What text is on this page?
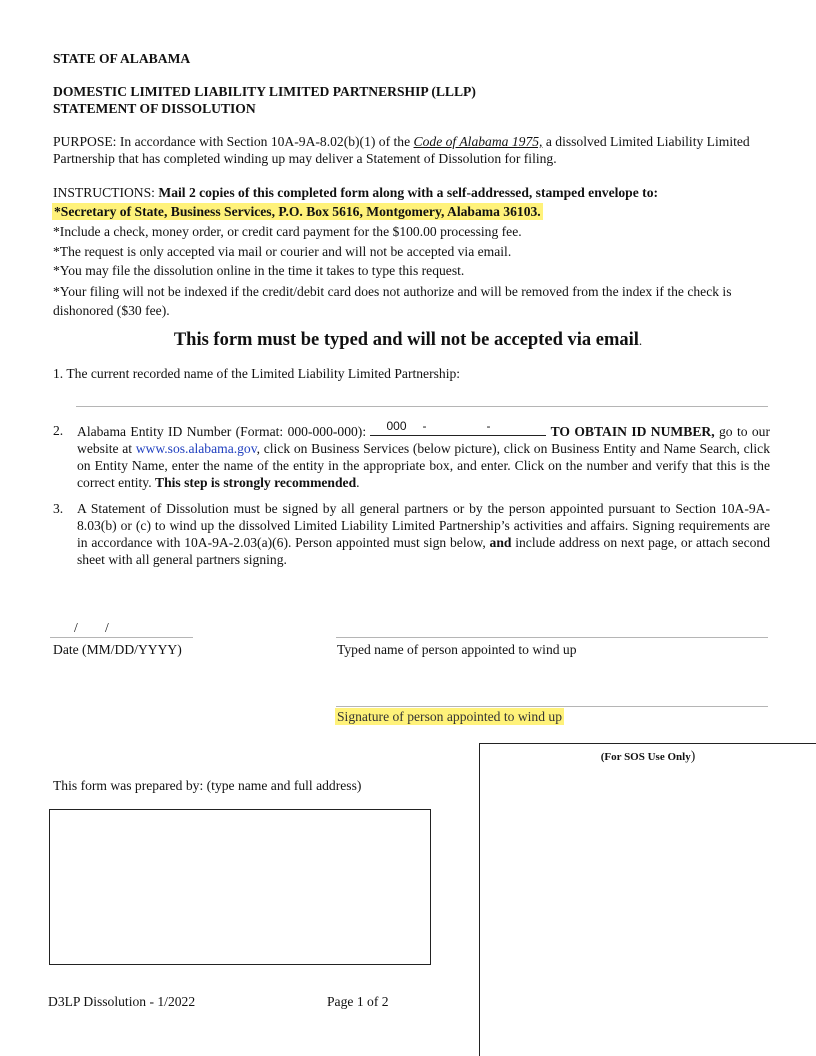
STATE OF ALABAMA
DOMESTIC LIMITED LIABILITY LIMITED PARTNERSHIP (LLLP)
STATEMENT OF DISSOLUTION
PURPOSE: In accordance with Section 10A-9A-8.02(b)(1) of the Code of Alabama 1975, a dissolved Limited Liability Limited Partnership that has completed winding up may deliver a Statement of Dissolution for filing.
INSTRUCTIONS: Mail 2 copies of this completed form along with a self-addressed, stamped envelope to:
*Secretary of State, Business Services, P.O. Box 5616, Montgomery, Alabama 36103.
*Include a check, money order, or credit card payment for the $100.00 processing fee.
*The request is only accepted via mail or courier and will not be accepted via email.
*You may file the dissolution online in the time it takes to type this request.
*Your filing will not be indexed if the credit/debit card does not authorize and will be removed from the index if the check is dishonored ($30 fee).
This form must be typed and will not be accepted via email.
1. The current recorded name of the Limited Liability Limited Partnership:
2. Alabama Entity ID Number (Format: 000-000-000): 000 -	-	TO OBTAIN ID NUMBER, go to our website at www.sos.alabama.gov, click on Business Services (below picture), click on Business Entity and Name Search, click on Entity Name, enter the name of the entity in the appropriate box, and enter. Click on the number and verify that this is the correct entity. This step is strongly recommended.
3. A Statement of Dissolution must be signed by all general partners or by the person appointed pursuant to Section 10A-9A-8.03(b) or (c) to wind up the dissolved Limited Liability Limited Partnership’s activities and affairs. Signing requirements are in accordance with 10A-9A-2.03(a)(6). Person appointed must sign below, and include address on next page, or attach second sheet with all general partners signing.
/        /
Date (MM/DD/YYYY)	Typed name of person appointed to wind up
Signature of person appointed to wind up
(For SOS Use Only)
This form was prepared by: (type name and full address)
D3LP Dissolution - 1/2022	Page 1 of 2
